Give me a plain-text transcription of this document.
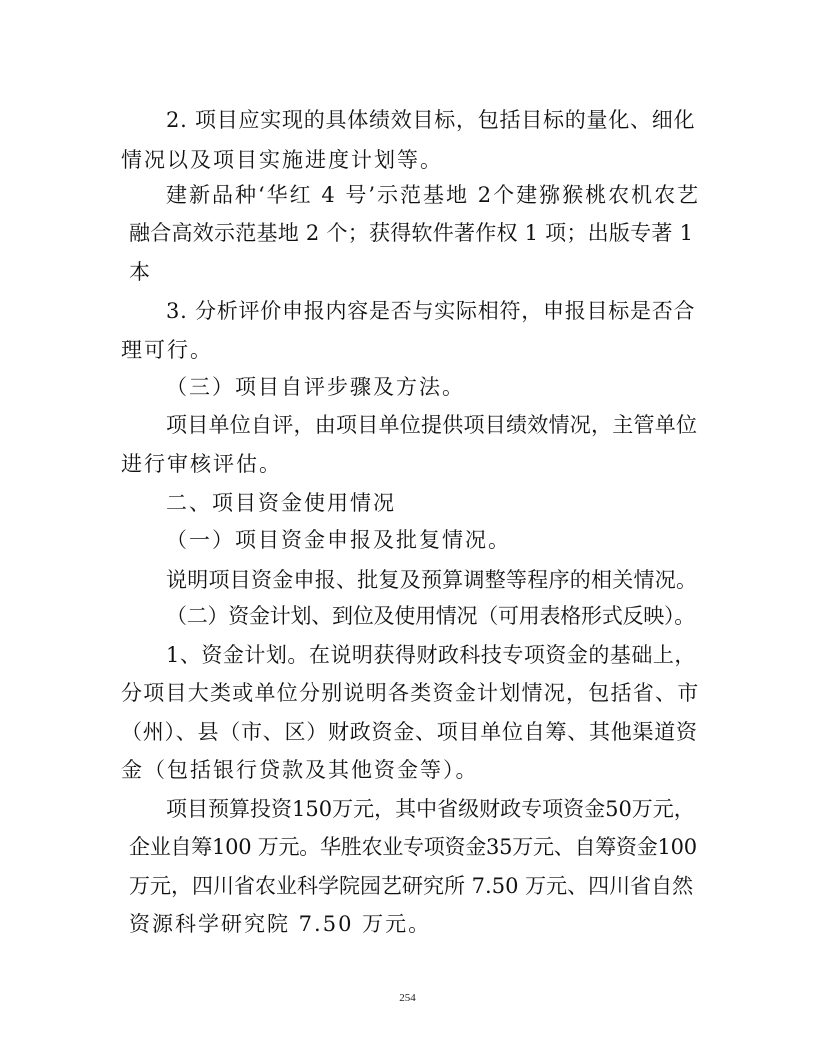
2. 项目应实现的具体绩效目标，包括目标的量化、细化
情况以及项目实施进度计划等。
建新品种‘华红 4 号’示范基地 2个建猕猴桃农机农艺
融合高效示范基地 2 个；获得软件著作权 1 项；出版专著 1
本
3. 分析评价申报内容是否与实际相符，申报目标是否合
理可行。
（三）项目自评步骤及方法。
项目单位自评，由项目单位提供项目绩效情况，主管单位
进行审核评估。
二、项目资金使用情况
（一）项目资金申报及批复情况。
说明项目资金申报、批复及预算调整等程序的相关情况。
（二）资金计划、到位及使用情况（可用表格形式反映）。
1、资金计划。在说明获得财政科技专项资金的基础上，
分项目大类或单位分别说明各类资金计划情况，包括省、市
（州）、县（市、区）财政资金、项目单位自筹、其他渠道资
金（包括银行贷款及其他资金等）。
项目预算投资150万元，其中省级财政专项资金50万元，
企业自筹100 万元。华胜农业专项资金35万元、自筹资金100
万元，四川省农业科学院园艺研究所 7.50 万元、四川省自然
资源科学研究院 7.50 万元。
254
